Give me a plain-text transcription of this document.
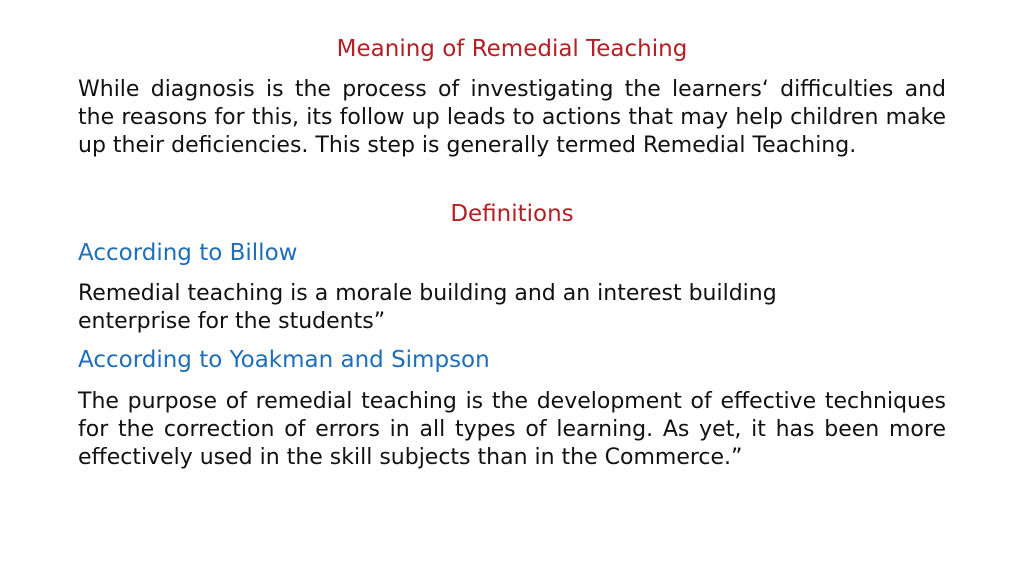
Meaning of Remedial Teaching
While diagnosis is the process of investigating the learners‘ difficulties and the reasons for this, its follow up leads to actions that may help children make up their deficiencies. This step is generally termed Remedial Teaching.
Definitions
According to Billow
Remedial teaching is a morale building and an interest building enterprise for the students”
According to Yoakman and Simpson
The purpose of remedial teaching is the development of effective techniques for the correction of errors in all types of learning. As yet, it has been more effectively used in the skill subjects than in the Commerce.”
